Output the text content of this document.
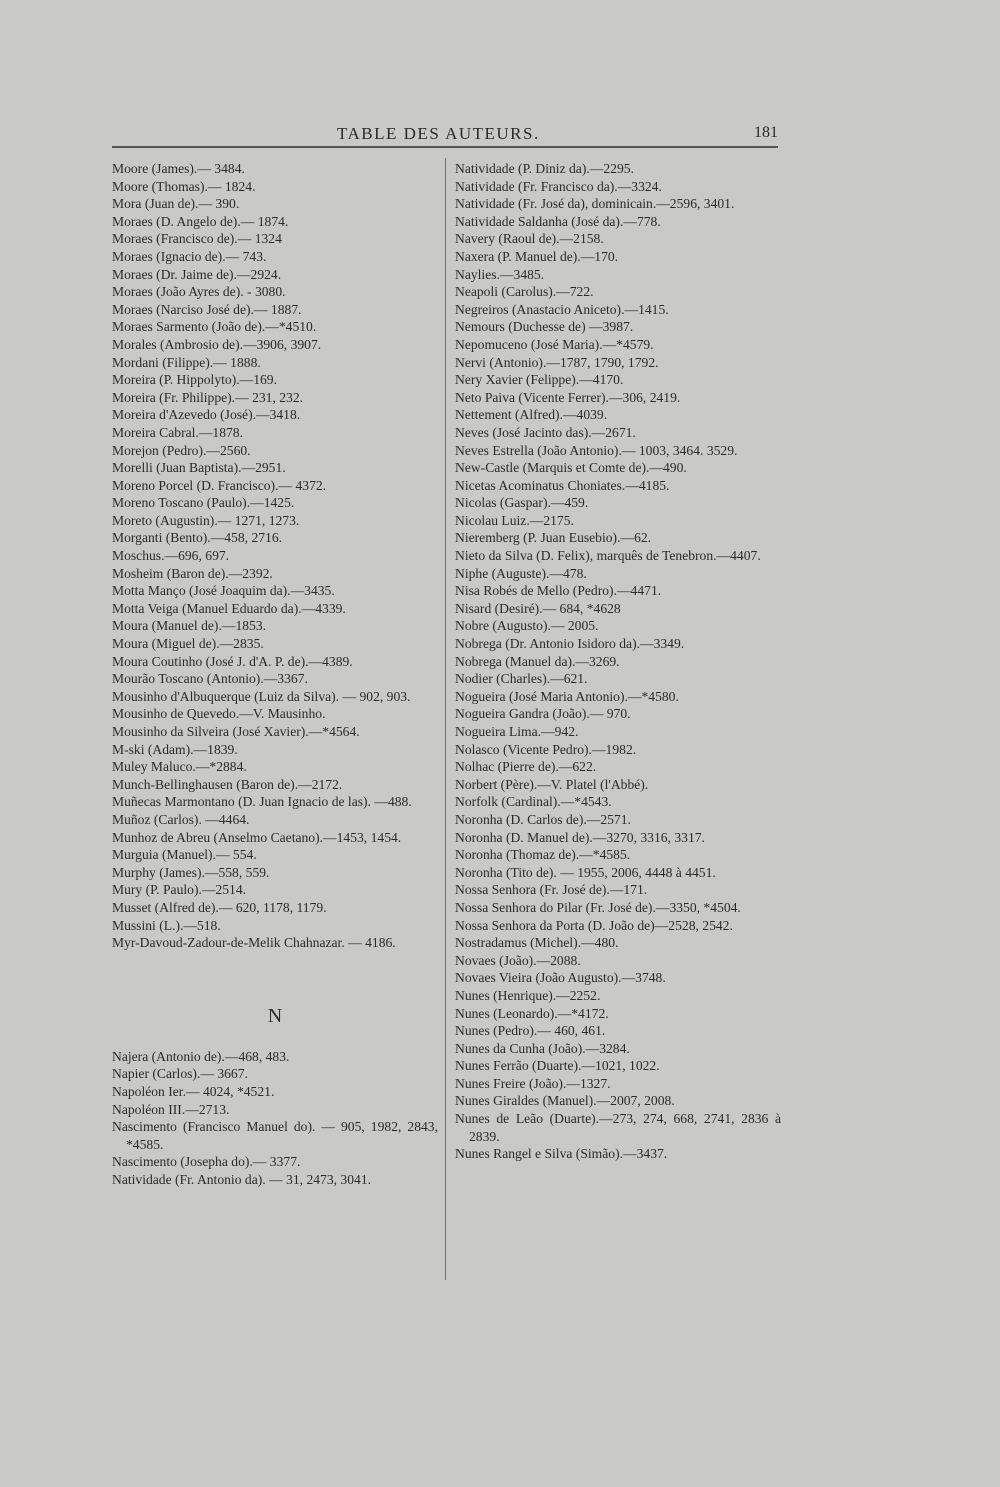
TABLE DES AUTEURS.	181
Moore (James).— 3484.
Moore (Thomas).— 1824.
Mora (Juan de).— 390.
Moraes (D. Angelo de).— 1874.
Moraes (Francisco de).— 1324
Moraes (Ignacio de).— 743.
Moraes (Dr. Jaime de).—2924.
Moraes (João Ayres de). - 3080.
Moraes (Narciso José de).— 1887.
Moraes Sarmento (João de).—*4510.
Morales (Ambrosio de).—3906, 3907.
Mordani (Filippe).— 1888.
Moreira (P. Hippolyto).—169.
Moreira (Fr. Philippe).— 231, 232.
Moreira d'Azevedo (José).—3418.
Moreira Cabral.—1878.
Morejon (Pedro).—2560.
Morelli (Juan Baptista).—2951.
Moreno Porcel (D. Francisco).— 4372.
Moreno Toscano (Paulo).—1425.
Moreto (Augustin).— 1271, 1273.
Morganti (Bento).—458, 2716.
Moschus.—696, 697.
Mosheim (Baron de).—2392.
Motta Manço (José Joaquim da).—3435.
Motta Veiga (Manuel Eduardo da).—4339.
Moura (Manuel de).—1853.
Moura (Miguel de).—2835.
Moura Coutinho (José J. d'A. P. de).—4389.
Mourão Toscano (Antonio).—3367.
Mousinho d'Albuquerque (Luiz da Silva). — 902, 903.
Mousinho de Quevedo.—V. Mausinho.
Mousinho da Silveira (José Xavier).—*4564.
M-ski (Adam).—1839.
Muley Maluco.—*2884.
Munch-Bellinghausen (Baron de).—2172.
Muñecas Marmontano (D. Juan Ignacio de las). —488.
Muñoz (Carlos). —4464.
Munhoz de Abreu (Anselmo Caetano).—1453, 1454.
Murguia (Manuel).— 554.
Murphy (James).—558, 559.
Mury (P. Paulo).—2514.
Musset (Alfred de).— 620, 1178, 1179.
Mussini (L.).—518.
Myr-Davoud-Zadour-de-Melik Chahnazar. — 4186.
N
Najera (Antonio de).—468, 483.
Napier (Carlos).— 3667.
Napoléon Ier.— 4024, *4521.
Napoléon III.—2713.
Nascimento (Francisco Manuel do). — 905, 1982, 2843, *4585.
Nascimento (Josepha do).— 3377.
Natividade (Fr. Antonio da). — 31, 2473, 3041.
Natividade (P. Diniz da).—2295.
Natividade (Fr. Francisco da).—3324.
Natividade (Fr. José da), dominicain.—2596, 3401.
Natividade Saldanha (José da).—778.
Navery (Raoul de).—2158.
Naxera (P. Manuel de).—170.
Naylies.—3485.
Neapoli (Carolus).—722.
Negreiros (Anastacio Aniceto).—1415.
Nemours (Duchesse de) —3987.
Nepomuceno (José Maria).—*4579.
Nervi (Antonio).—1787, 1790, 1792.
Nery Xavier (Felippe).—4170.
Neto Paiva (Vicente Ferrer).—306, 2419.
Nettement (Alfred).—4039.
Neves (José Jacinto das).—2671.
Neves Estrella (João Antonio).— 1003, 3464. 3529.
New-Castle (Marquis et Comte de).—490.
Nicetas Acominatus Choniates.—4185.
Nicolas (Gaspar).—459.
Nicolau Luiz.—2175.
Nieremberg (P. Juan Eusebio).—62.
Nieto da Silva (D. Felix), marquês de Tenebron.—4407.
Niphe (Auguste).—478.
Nisa Robés de Mello (Pedro).—4471.
Nisard (Desiré).— 684, *4628
Nobre (Augusto).— 2005.
Nobrega (Dr. Antonio Isidoro da).—3349.
Nobrega (Manuel da).—3269.
Nodier (Charles).—621.
Nogueira (José Maria Antonio).—*4580.
Nogueira Gandra (João).— 970.
Nogueira Lima.—942.
Nolasco (Vicente Pedro).—1982.
Nolhac (Pierre de).—622.
Norbert (Père).—V. Platel (l'Abbé).
Norfolk (Cardinal).—*4543.
Noronha (D. Carlos de).—2571.
Noronha (D. Manuel de).—3270, 3316, 3317.
Noronha (Thomaz de).—*4585.
Noronha (Tito de). — 1955, 2006, 4448 à 4451.
Nossa Senhora (Fr. José de).—171.
Nossa Senhora do Pilar (Fr. José de).—3350, *4504.
Nossa Senhora da Porta (D. João de)—2528, 2542.
Nostradamus (Michel).—480.
Novaes (João).—2088.
Novaes Vieira (João Augusto).—3748.
Nunes (Henrique).—2252.
Nunes (Leonardo).—*4172.
Nunes (Pedro).— 460, 461.
Nunes da Cunha (João).—3284.
Nunes Ferrão (Duarte).—1021, 1022.
Nunes Freire (João).—1327.
Nunes Giraldes (Manuel).—2007, 2008.
Nunes de Leão (Duarte).—273, 274, 668, 2741, 2836 à 2839.
Nunes Rangel e Silva (Simão).—3437.
